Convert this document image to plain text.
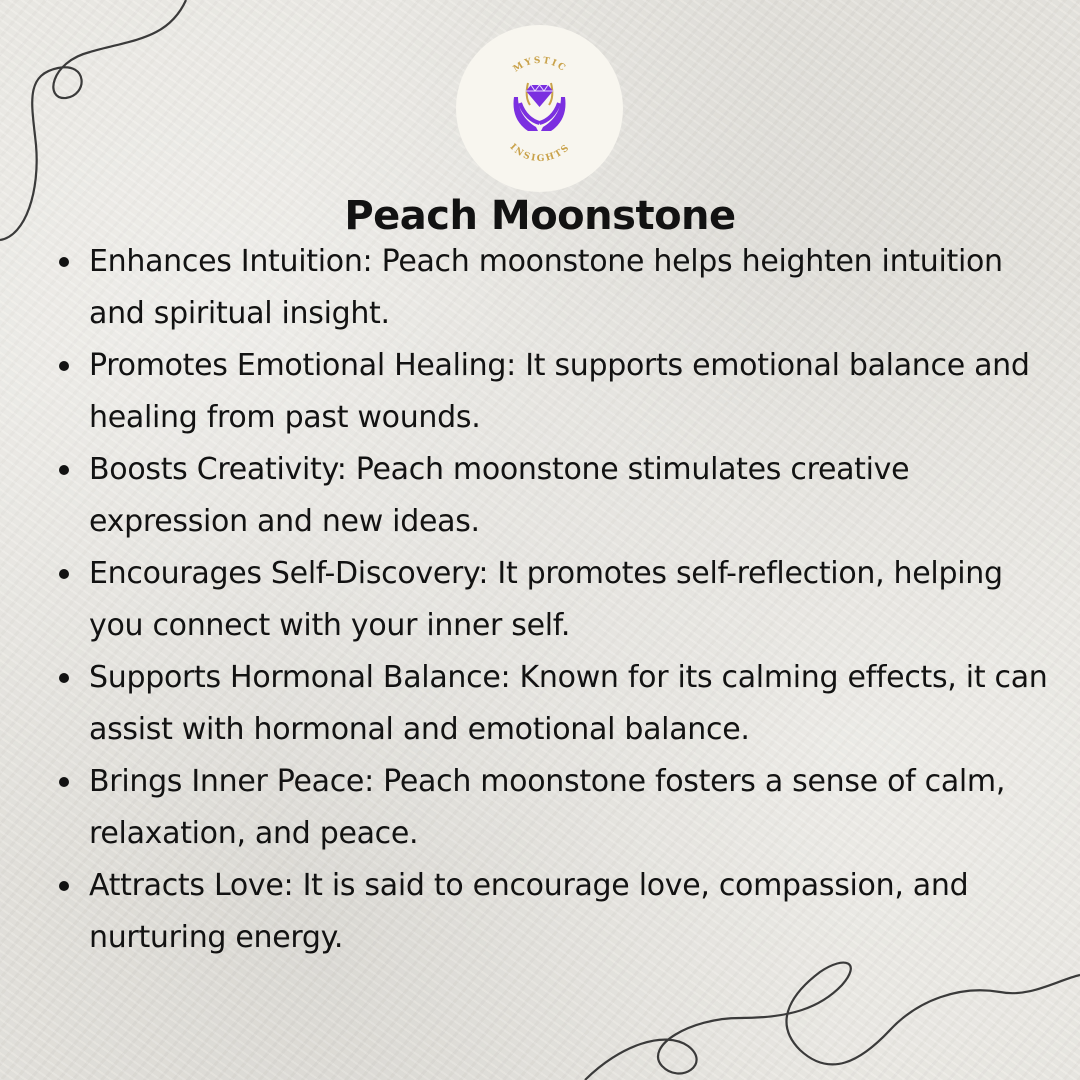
MYSTIC
INSIGHTS
Peach Moonstone
Enhances Intuition: Peach moonstone helps heighten intuition and spiritual insight.
Promotes Emotional Healing: It supports emotional balance and healing from past wounds.
Boosts Creativity: Peach moonstone stimulates creative expression and new ideas.
Encourages Self-Discovery: It promotes self-reflection, helping you connect with your inner self.
Supports Hormonal Balance: Known for its calming effects, it can assist with hormonal and emotional balance.
Brings Inner Peace: Peach moonstone fosters a sense of calm, relaxation, and peace.
Attracts Love: It is said to encourage love, compassion, and nurturing energy.
